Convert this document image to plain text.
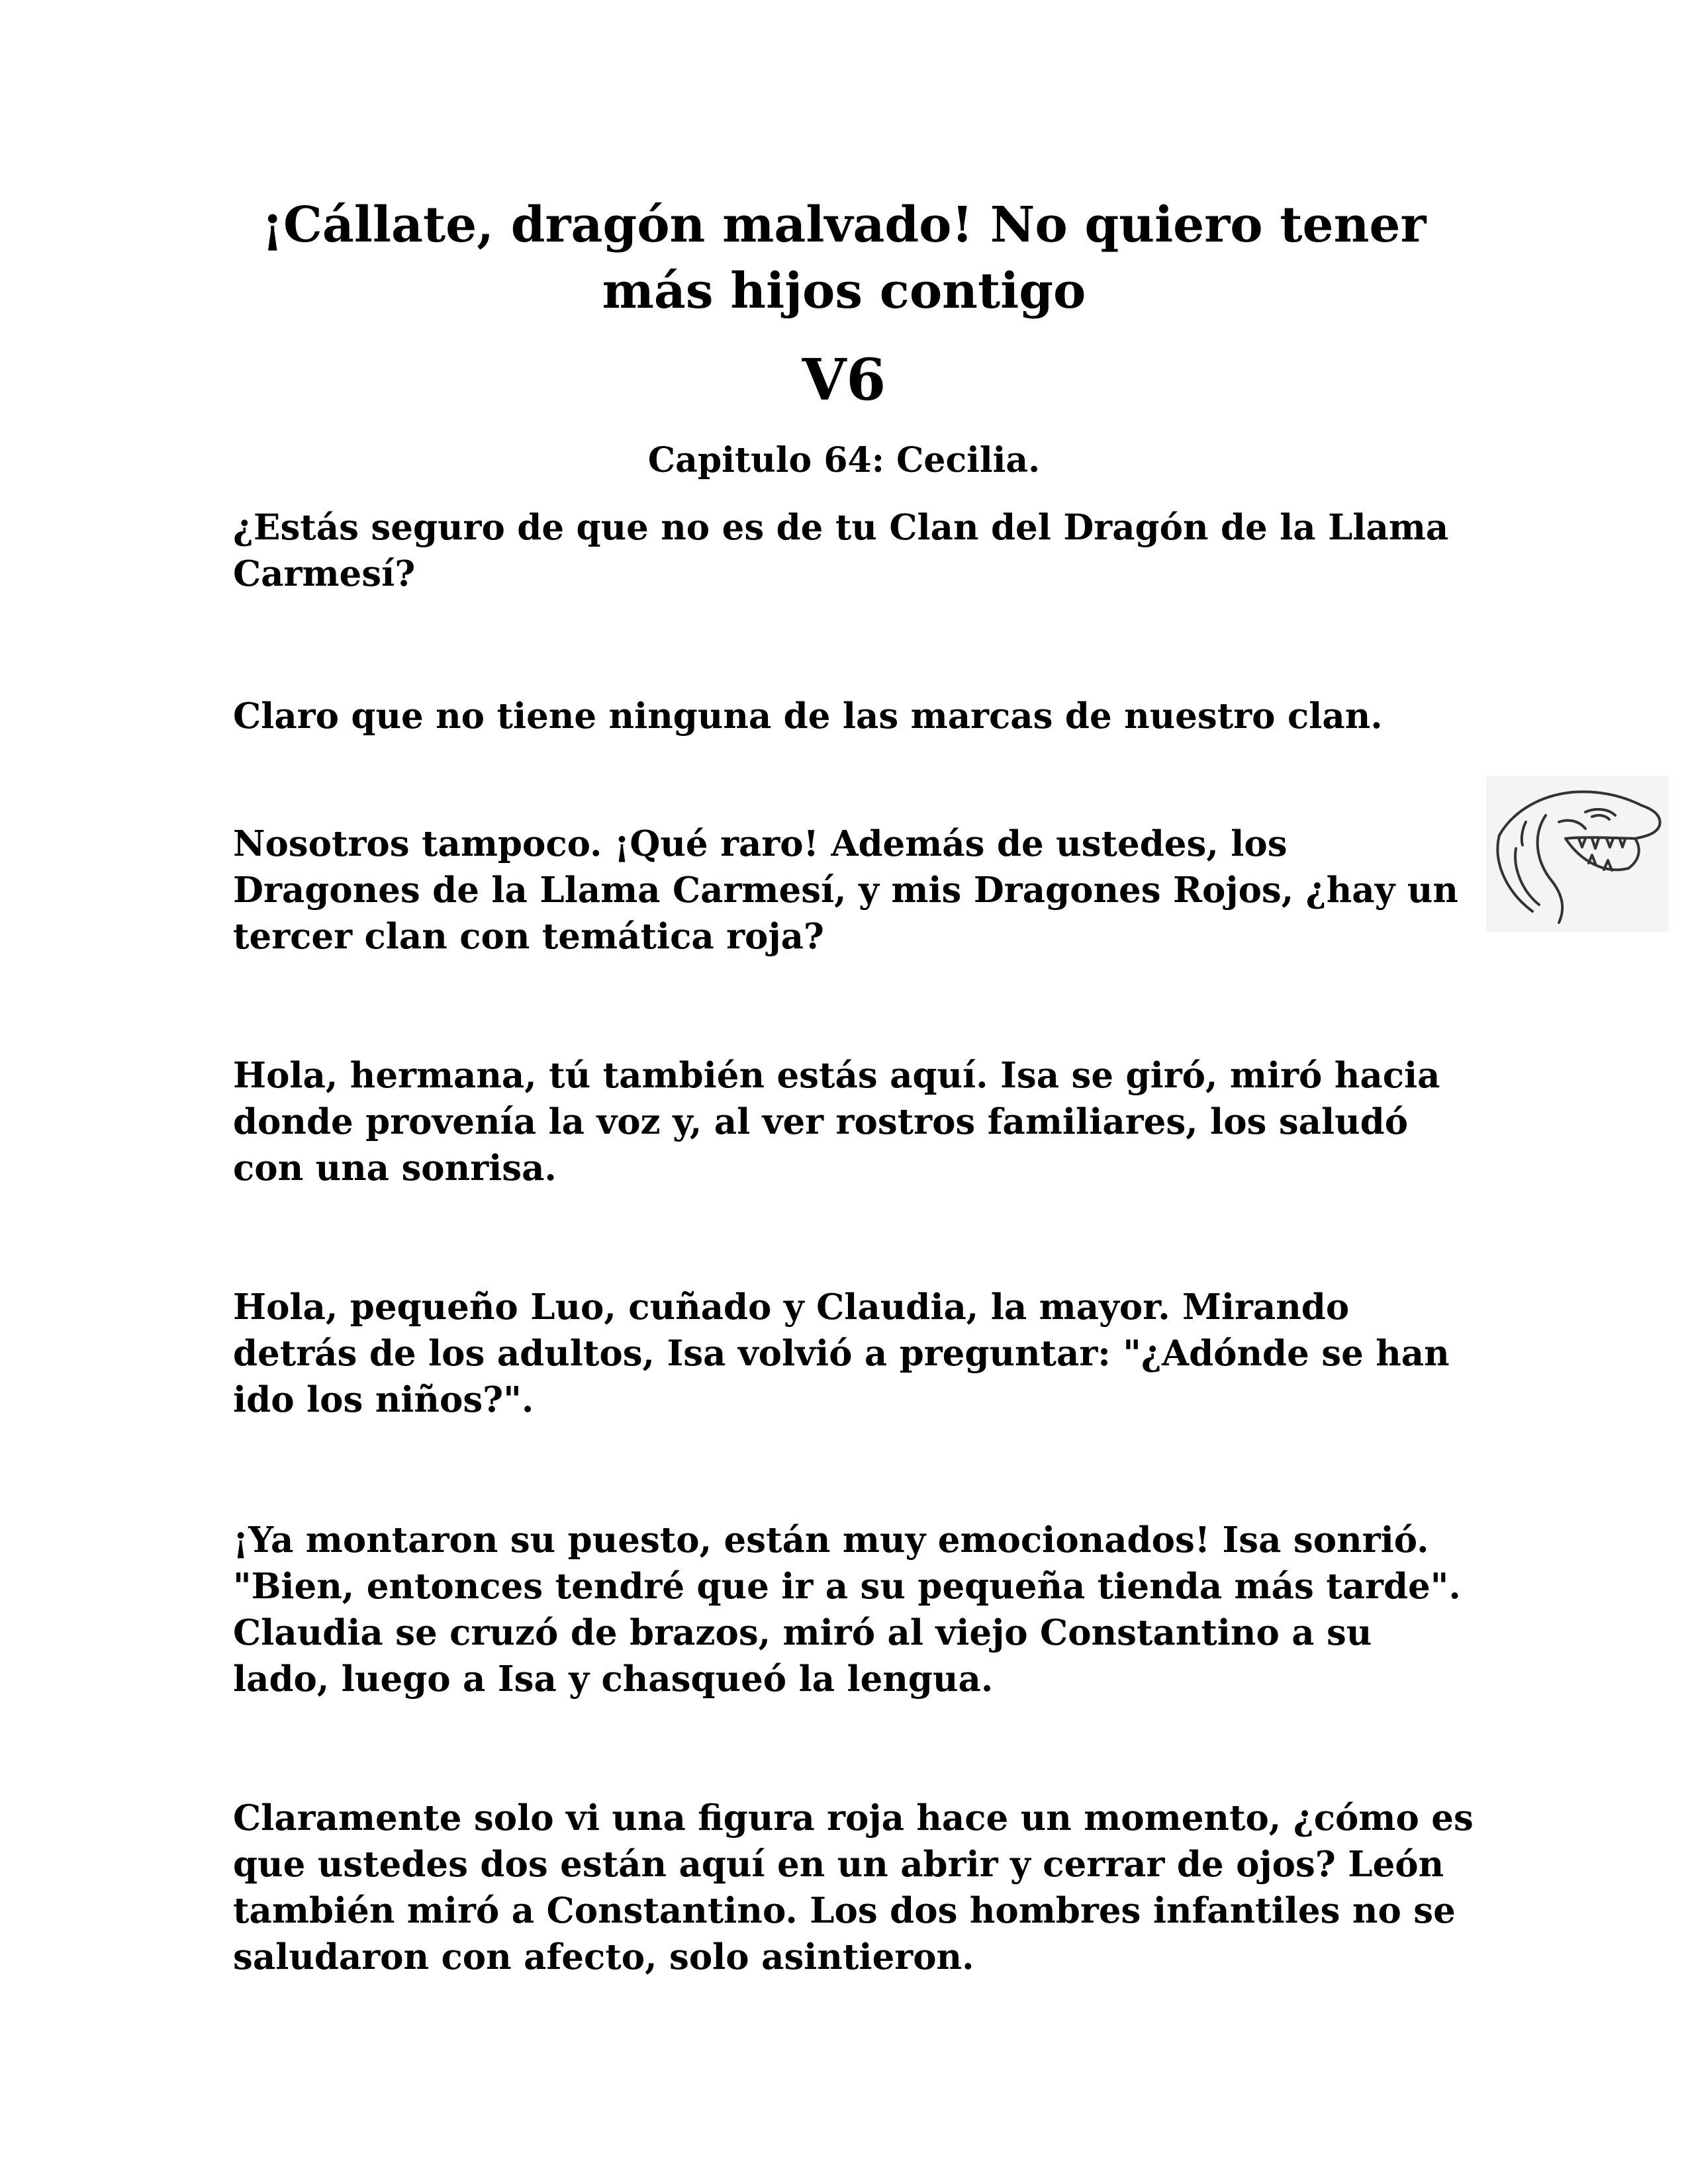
¡Cállate, dragón malvado! No quiero tener más hijos contigo
V6
Capitulo 64: Cecilia.

¿Estás seguro de que no es de tu Clan del Dragón de la Llama Carmesí?

Claro que no tiene ninguna de las marcas de nuestro clan.

Nosotros tampoco. ¡Qué raro! Además de ustedes, los Dragones de la Llama Carmesí, y mis Dragones Rojos, ¿hay un tercer clan con temática roja?

Hola, hermana, tú también estás aquí. Isa se giró, miró hacia donde provenía la voz y, al ver rostros familiares, los saludó con una sonrisa.

Hola, pequeño Luo, cuñado y Claudia, la mayor. Mirando detrás de los adultos, Isa volvió a preguntar: "¿Adónde se han ido los niños?".

¡Ya montaron su puesto, están muy emocionados! Isa sonrió. "Bien, entonces tendré que ir a su pequeña tienda más tarde". Claudia se cruzó de brazos, miró al viejo Constantino a su lado, luego a Isa y chasqueó la lengua.

Claramente solo vi una figura roja hace un momento, ¿cómo es que ustedes dos están aquí en un abrir y cerrar de ojos? León también miró a Constantino. Los dos hombres infantiles no se saludaron con afecto, solo asintieron.
